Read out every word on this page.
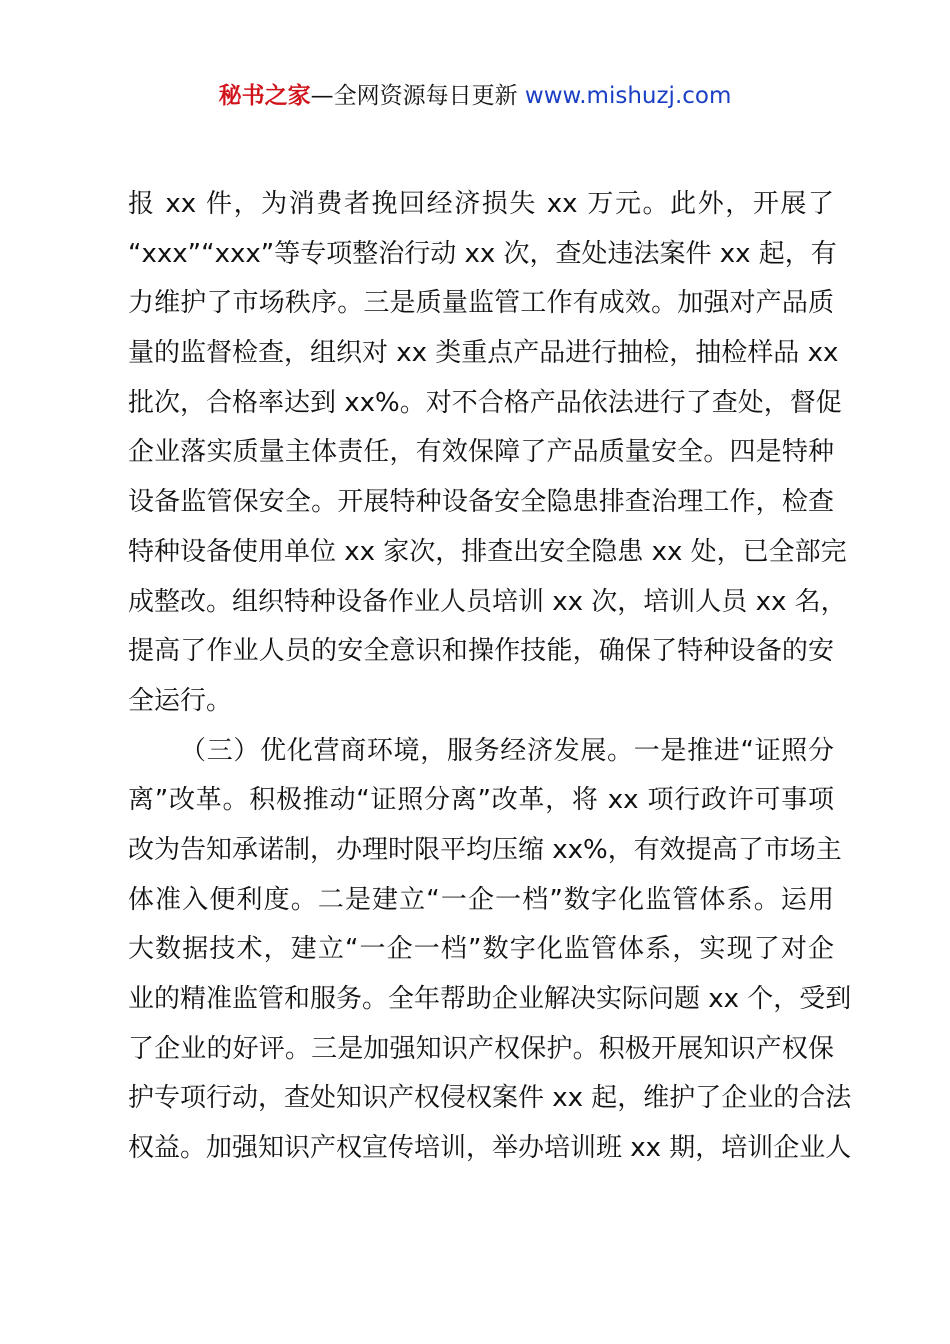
秘书之家—全网资源每日更新 www.mishuzj.com
报 xx 件，为消费者挽回经济损失 xx 万元。此外，开展了
“xxx”“xxx”等专项整治行动 xx 次，查处违法案件 xx 起，有
力维护了市场秩序。三是质量监管工作有成效。加强对产品质
量的监督检查，组织对 xx 类重点产品进行抽检，抽检样品 xx
批次，合格率达到 xx%。对不合格产品依法进行了查处，督促
企业落实质量主体责任，有效保障了产品质量安全。四是特种
设备监管保安全。开展特种设备安全隐患排查治理工作，检查
特种设备使用单位 xx 家次，排查出安全隐患 xx 处，已全部完
成整改。组织特种设备作业人员培训 xx 次，培训人员 xx 名，
提高了作业人员的安全意识和操作技能，确保了特种设备的安
全运行。
（三）优化营商环境，服务经济发展。一是推进“证照分
离”改革。积极推动“证照分离”改革，将 xx 项行政许可事项
改为告知承诺制，办理时限平均压缩 xx%，有效提高了市场主
体准入便利度。二是建立“一企一档”数字化监管体系。运用
大数据技术，建立“一企一档”数字化监管体系，实现了对企
业的精准监管和服务。全年帮助企业解决实际问题 xx 个，受到
了企业的好评。三是加强知识产权保护。积极开展知识产权保
护专项行动，查处知识产权侵权案件 xx 起，维护了企业的合法
权益。加强知识产权宣传培训，举办培训班 xx 期，培训企业人
